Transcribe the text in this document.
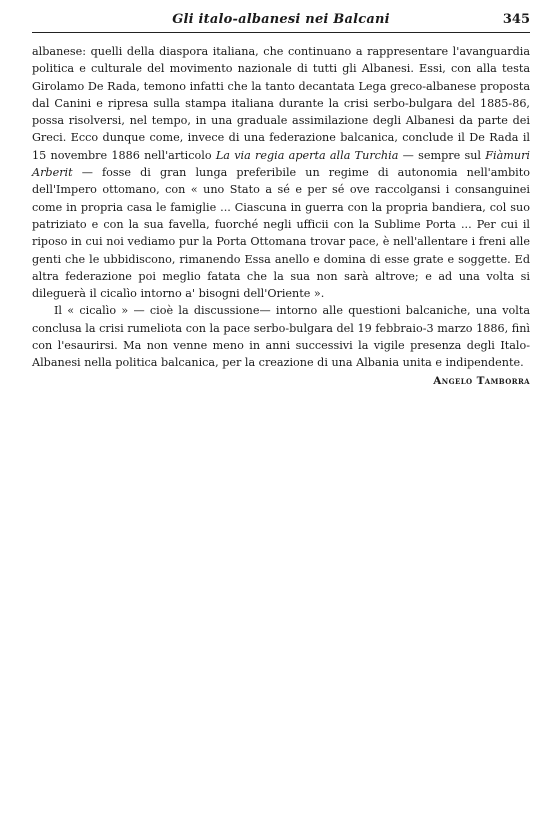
Gli italo-albanesi nei Balcani	345

albanese: quelli della diaspora italiana, che continuano a rappresentare l'avanguardia politica e culturale del movimento nazionale di tutti gli Albanesi. Essi, con alla testa Girolamo De Rada, temono infatti che la tanto decantata Lega greco-albanese proposta dal Canini e ripresa sulla stampa italiana durante la crisi serbo-bulgara del 1885-86, possa risolversi, nel tempo, in una graduale assimilazione degli Albanesi da parte dei Greci. Ecco dunque come, invece di una federazione balcanica, conclude il De Rada il 15 novembre 1886 nell'articolo La via regia aperta alla Turchia — sempre sul Fiàmuri Arberit — fosse di gran lunga preferibile un regime di autonomia nell'ambito dell'Impero ottomano, con « uno Stato a sé e per sé ove raccolgansi i consanguinei come in propria casa le famiglie ... Ciascuna in guerra con la propria bandiera, col suo patriziato e con la sua favella, fuorché negli ufficii con la Sublime Porta ... Per cui il riposo in cui noi vediamo pur la Porta Ottomana trovar pace, è nell'allentare i freni alle genti che le ubbidiscono, rimanendo Essa anello e domina di esse grate e soggette. Ed altra federazione poi meglio fatata che la sua non sarà altrove; e ad una volta si dileguerà il cicalìo intorno a' bisogni dell'Oriente ».

Il « cicalìo » — cioè la discussione— intorno alle questioni balcaniche, una volta conclusa la crisi rumeliota con la pace serbo-bulgara del 19 febbraio-3 marzo 1886, finì con l'esaurirsi. Ma non venne meno in anni successivi la vigile presenza degli Italo-Albanesi nella politica balcanica, per la creazione di una Albania unita e indipendente.

Angelo Tamborra
